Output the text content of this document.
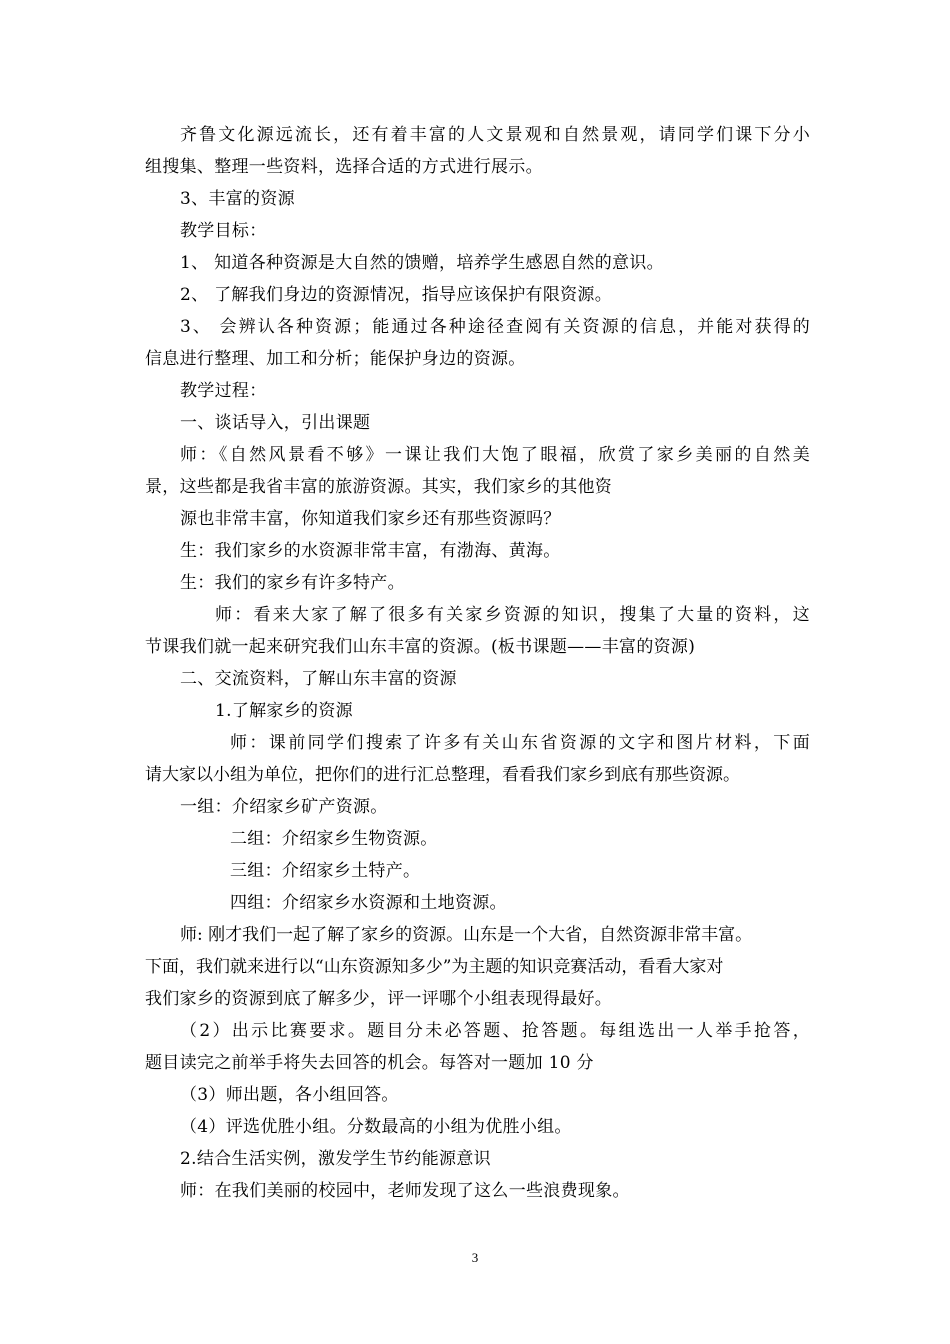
齐鲁文化源远流长，还有着丰富的人文景观和自然景观，请同学们课下分小
组搜集、整理一些资料，选择合适的方式进行展示。
3、丰富的资源
教学目标：
1、 知道各种资源是大自然的馈赠，培养学生感恩自然的意识。
2、 了解我们身边的资源情况，指导应该保护有限资源。
3、 会辨认各种资源；能通过各种途径查阅有关资源的信息，并能对获得的
信息进行整理、加工和分析；能保护身边的资源。
教学过程：
一、谈话导入，引出课题
师：《自然风景看不够》一课让我们大饱了眼福，欣赏了家乡美丽的自然美
景，这些都是我省丰富的旅游资源。其实，我们家乡的其他资
源也非常丰富，你知道我们家乡还有那些资源吗？
生：我们家乡的水资源非常丰富，有渤海、黄海。
生：我们的家乡有许多特产。
师：看来大家了解了很多有关家乡资源的知识，搜集了大量的资料，这
节课我们就一起来研究我们山东丰富的资源。(板书课题——丰富的资源)
二、交流资料，了解山东丰富的资源
1.了解家乡的资源
师：课前同学们搜索了许多有关山东省资源的文字和图片材料，下面
请大家以小组为单位，把你们的进行汇总整理，看看我们家乡到底有那些资源。
一组：介绍家乡矿产资源。
二组：介绍家乡生物资源。
三组：介绍家乡土特产。
四组：介绍家乡水资源和土地资源。
师: 刚才我们一起了解了家乡的资源。山东是一个大省，自然资源非常丰富。
下面，我们就来进行以“山东资源知多少”为主题的知识竞赛活动，看看大家对
我们家乡的资源到底了解多少，评一评哪个小组表现得最好。
（2）出示比赛要求。题目分未必答题、抢答题。每组选出一人举手抢答，
题目读完之前举手将失去回答的机会。每答对一题加 10 分
（3）师出题，各小组回答。
（4）评选优胜小组。分数最高的小组为优胜小组。
2.结合生活实例，激发学生节约能源意识
师：在我们美丽的校园中，老师发现了这么一些浪费现象。
3
